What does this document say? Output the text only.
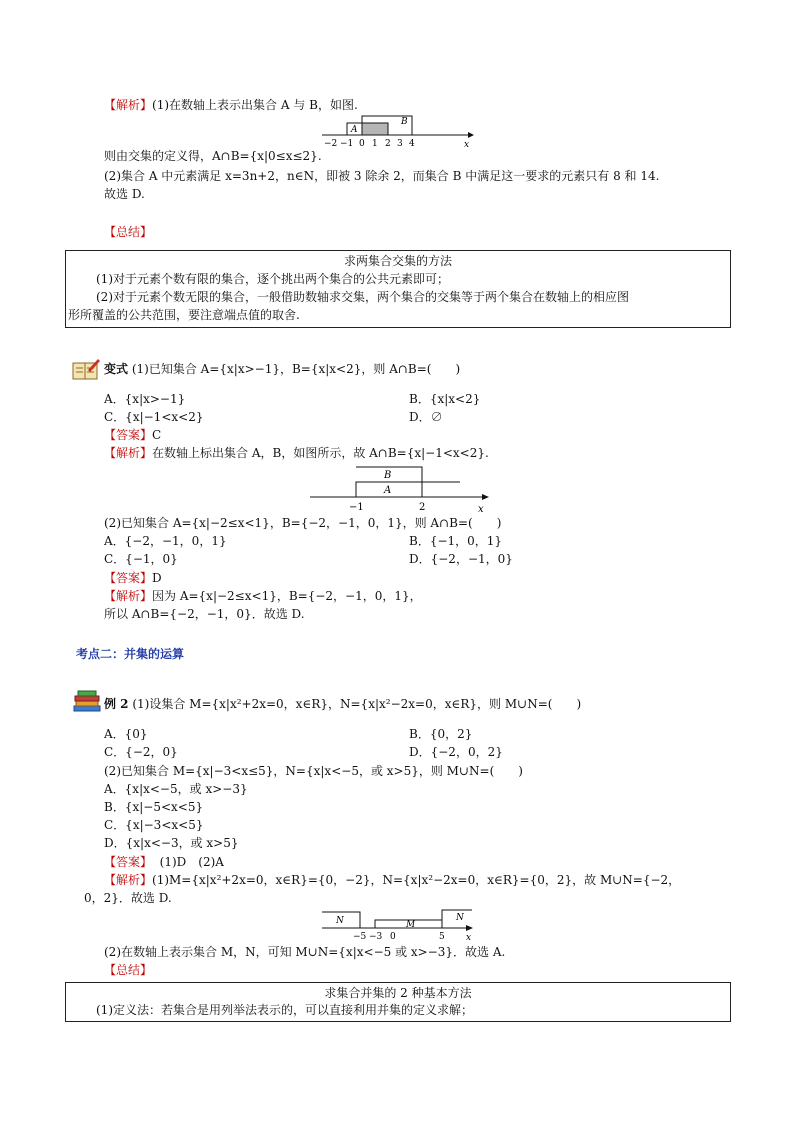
【解析】(1)在数轴上表示出集合 A 与 B，如图.
A
B
x
−2 −1 0 1 2 3 4
则由交集的定义得，A∩B={x|0≤x≤2}.
(2)集合 A 中元素满足 x=3n+2，n∈N，即被 3 除余 2，而集合 B 中满足这一要求的元素只有 8 和 14.
故选 D.
【总结】
求两集合交集的方法
(1)对于元素个数有限的集合，逐个挑出两个集合的公共元素即可；
(2)对于元素个数无限的集合，一般借助数轴求交集，两个集合的交集等于两个集合在数轴上的相应图
形所覆盖的公共范围，要注意端点值的取舍.
变式 (1)已知集合 A={x|x>−1}，B={x|x<2}，则 A∩B=(　　)
A．{x|x>−1}	B．{x|x<2}
C．{x|−1<x<2}	D．∅
【答案】C
【解析】在数轴上标出集合 A，B，如图所示，故 A∩B={x|−1<x<2}.
B
A
−1	2	x
(2)已知集合 A={x|−2≤x<1}，B={−2，−1，0，1}，则 A∩B=(　　)
A．{−2，−1，0，1}	B．{−1，0，1}
C．{−1，0}	D．{−2，−1，0}
【答案】D
【解析】因为 A={x|−2≤x<1}，B={−2，−1，0，1}，
所以 A∩B={−2，−1，0}．故选 D.
考点二：并集的运算
例 2 (1)设集合 M={x|x²+2x=0，x∈R}，N={x|x²−2x=0，x∈R}，则 M∪N=(　　)
A．{0}	B．{0，2}
C．{−2，0}	D．{−2，0，2}
(2)已知集合 M={x|−3<x≤5}，N={x|x<−5，或 x>5}，则 M∪N=(　　)
A．{x|x<−5，或 x>−3}
B．{x|−5<x<5}
C．{x|−3<x<5}
D．{x|x<−3，或 x>5}
【答案】 (1)D　(2)A
【解析】(1)M={x|x²+2x=0，x∈R}={0，−2}，N={x|x²−2x=0，x∈R}={0，2}，故 M∪N={−2，
0，2}．故选 D.
N	M
N
−5 −3 0	5 x
(2)在数轴上表示集合 M，N，可知 M∪N={x|x<−5 或 x>−3}．故选 A.
【总结】
求集合并集的 2 种基本方法
(1)定义法：若集合是用列举法表示的，可以直接利用并集的定义求解；
